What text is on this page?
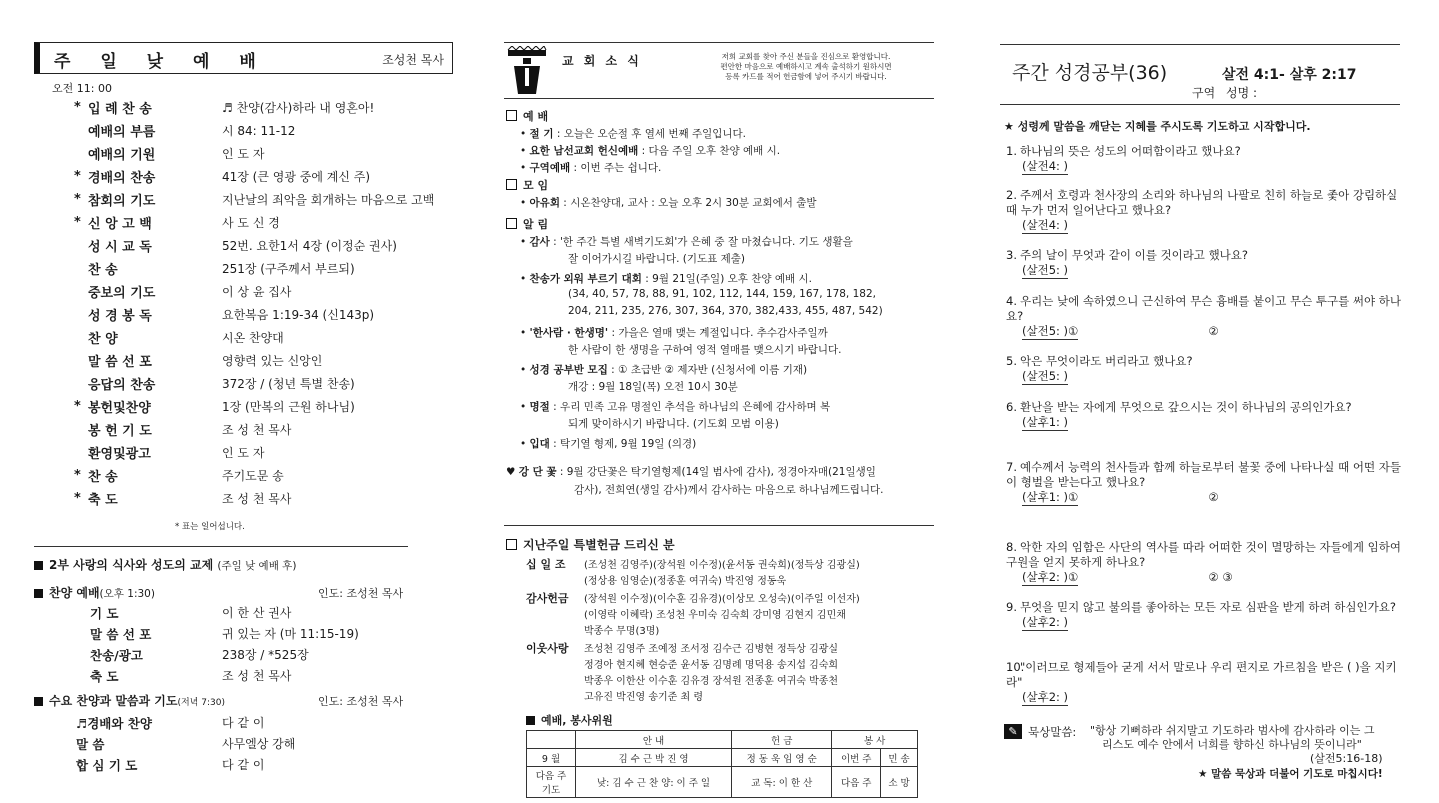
주 일 낮 예 배	조성천 목사
오전 11: 00
* 입 례 찬 송	♬ 찬양(감사)하라 내 영혼아!
예배의 부름	시 84: 11-12
예배의 기원	인 도 자
* 경배의 찬송	41장 (큰 영광 중에 계신 주)
* 참회의 기도	지난날의 죄악을 회개하는 마음으로 고백
* 신 앙 고 백	사 도 신 경
성 시 교 독	52번. 요한1서 4장 (이정순 권사)
찬 송	251장 (구주께서 부르되)
중보의 기도	이 상 윤 집사
성 경 봉 독	요한복음 1:19-34 (신143p)
찬 양	시온 찬양대
말 씀 선 포	영향력 있는 신앙인
응답의 찬송	372장 / (청년 특별 찬송)
* 봉헌및찬양	1장 (만복의 근원 하나님)
봉 헌 기 도	조 성 천 목사
환영및광고	인 도 자
* 찬 송	주기도문 송
* 축 도	조 성 천 목사
* 표는 일어섭니다.
2부 사랑의 식사와 성도의 교제 (주일 낮 예배 후)
찬양 예배(오후 1:30)	인도: 조성천 목사
기 도	이 한 산 권사
말 씀 선 포	귀 있는 자 (마 11:15-19)
찬송/광고	238장 / *525장
축 도	조 성 천 목사
수요 찬양과 말씀과 기도(저녁 7:30)	인도: 조성천 목사
♬경배와 찬양	다 같 이
말 씀	사무엘상 강해
합 심 기 도	다 같 이
교 회 소 식	저희 교회를 찾아 주신 분들을 진심으로 환영합니다.
편안한 마음으로 예배하시고 계속 출석하기 원하시면
등록 카드를 적어 헌금함에 넣어 주시기 바랍니다.
예 배
• 절 기 : 오늘은 오순절 후 열세 번째 주일입니다.
• 요한 남선교회 헌신예배 : 다음 주일 오후 찬양 예배 시.
• 구역예배 : 이번 주는 쉽니다.
모 임
• 아유회 : 시온찬양대, 교사 : 오늘 오후 2시 30분 교회에서 출발
알 림
• 감사 : '한 주간 특별 새벽기도회'가 은혜 중 잘 마쳤습니다. 기도 생활을
잘 이어가시길 바랍니다. (기도표 제출)
• 찬송가 외워 부르기 대회 : 9월 21일(주일) 오후 찬양 예배 시.
(34, 40, 57, 78, 88, 91, 102, 112, 144, 159, 167, 178, 182,
204, 211, 235, 276, 307, 364, 370, 382,433, 455, 487, 542)
• '한사람 · 한생명' : 가을은 열매 맺는 계절입니다. 추수감사주일까
한 사람이 한 생명을 구하여 영적 열매를 맺으시기 바랍니다.
• 성경 공부반 모집 : ① 초급반 ② 제자반 (신청서에 이름 기재)
개강 : 9월 18일(목) 오전 10시 30분
• 명절 : 우리 민족 고유 명절인 추석을 하나님의 은혜에 감사하며 복
되게 맞이하시기 바랍니다. (기도회 모범 이용)
• 입대 : 탁기열 형제, 9월 19일 (의경)
♥ 강 단 꽃 : 9월 강단꽃은 탁기열형제(14일 범사에 감사), 정경아자매(21일생일
감사), 전희연(생일 감사)께서 감사하는 마음으로 하나님께드립니다.
지난주일 특별헌금 드리신 분
십 일 조 (조성천 김영주)(장석원 이수정)(윤서동 권숙희)(정득상 김광실)
(정상용 임영순)(정종훈 여귀숙) 박진영 정동욱
감사헌금 (장석원 이수정)(이수훈 김유경)(이상모 오성숙)(이주일 이선자)
(이영락 이혜락) 조성천 우미숙 김숙희 강미영 김현지 김민채
박종수 무명(3명)
이웃사랑 조성천 김영주 조예정 조서정 김수근 김병현 정득상 김광실
정경아 현지혜 현승준 윤서동 김명례 명덕용 송지섭 김숙희
박종우 이한산 이수훈 김유경 장석원 전종훈 여귀숙 박종천
고유진 박진영 송기준 최 령
예배, 봉사위원
	안 내	헌 금	봉 사	
9 월	김 수 근 박 진 영	정 동 욱 임 영 순	이번 주	민 송
다음 주 기도	낮: 김 수 근 찬 양: 이 주 일	교 독: 이 한 산	다음 주	소 망
주간 성경공부(36)	살전 4:1- 살후 2:17
구역 성명 :
★ 성령께 말씀을 깨닫는 지혜를 주시도록 기도하고 시작합니다.
1. 하나님의 뜻은 성도의 어떠함이라고 했나요?
(살전4: )
2. 주께서 호령과 천사장의 소리와 하나님의 나팔로 친히 하늘로 좇아 강림하실 때 누가 먼저 일어난다고 했나요?
(살전4: )
3. 주의 날이 무엇과 같이 이를 것이라고 했나요?
(살전5: )
4. 우리는 낮에 속하였으니 근신하여 무슨 흉배를 붙이고 무슨 투구를 써야 하나요?
(살전5: )①	②
5. 악은 무엇이라도 버리라고 했나요?
(살전5: )
6. 환난을 받는 자에게 무엇으로 갚으시는 것이 하나님의 공의인가요?
(살후1: )
7. 예수께서 능력의 천사들과 함께 하늘로부터 불꽃 중에 나타나실 때 어떤 자들이 형벌을 받는다고 했나요?
(살후1: )①	②
8. 악한 자의 임함은 사단의 역사를 따라 어떠한 것이 멸망하는 자들에게 임하여 구원을 얻지 못하게 하나요?
(살후2: )①	② ③
9. 무엇을 믿지 않고 불의를 좋아하는 모든 자로 심판을 받게 하려 하심인가요?
(살후2: )
10."이러므로 형제들아 굳게 서서 말로나 우리 편지로 가르침을 받은 ( )을 지키라"
(살후2: )
✎ 묵상말씀: "항상 기뻐하라 쉬지말고 기도하라 범사에 감사하라 이는 그
리스도 예수 안에서 너희를 향하신 하나님의 뜻이니라"
(살전5:16-18)
★ 말씀 묵상과 더불어 기도로 마칩시다!
